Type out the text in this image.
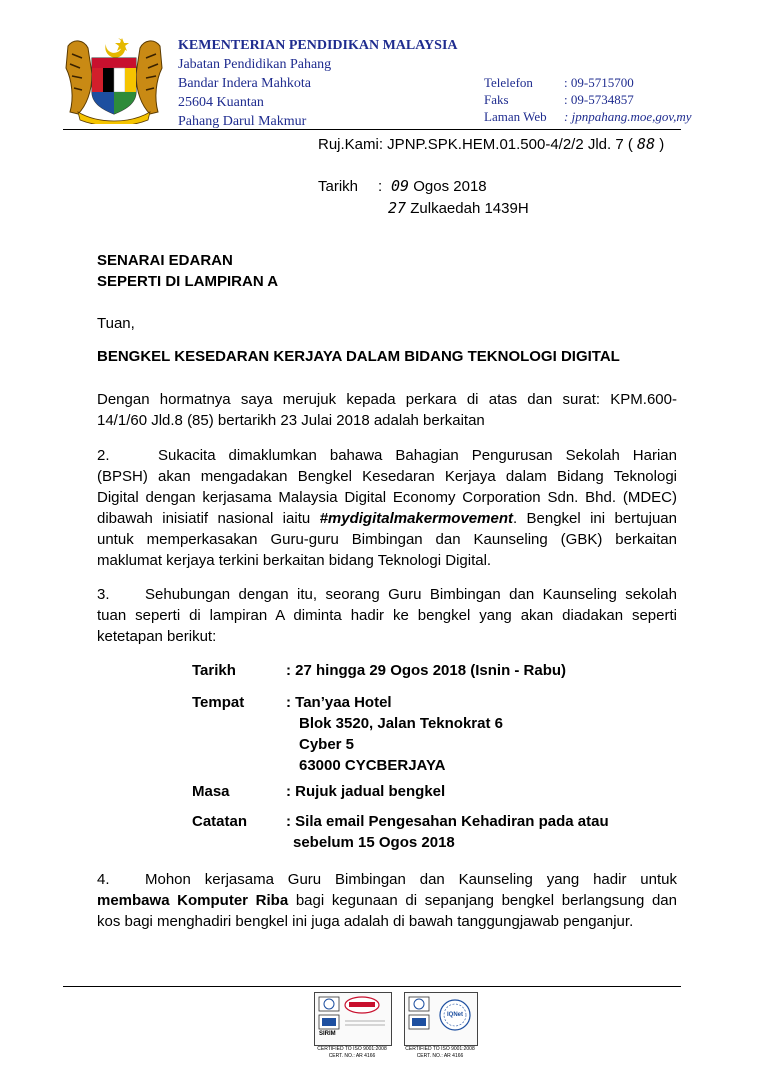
KEMENTERIAN PENDIDIKAN MALAYSIA
Jabatan Pendidikan Pahang
Bandar Indera Mahkota
25604 Kuantan
Pahang Darul Makmur
Telelefon : 09-5715700
Faks	: 09-5734857
Laman Web : jpnpahang.moe,gov,my
Ruj.Kami: JPNP.SPK.HEM.01.500-4/2/2 Jld. 7 ( 88 )
Tarikh : 09 Ogos 2018
27 Zulkaedah 1439H
SENARAI EDARAN
SEPERTI DI LAMPIRAN A
Tuan,
BENGKEL KESEDARAN KERJAYA DALAM BIDANG TEKNOLOGI DIGITAL
Dengan hormatnya saya merujuk kepada perkara di atas dan surat: KPM.600-
14/1/60 Jld.8 (85) bertarikh 23 Julai 2018 adalah berkaitan
2.	Sukacita dimaklumkan bahawa Bahagian Pengurusan Sekolah Harian
(BPSH) akan mengadakan Bengkel Kesedaran Kerjaya dalam Bidang Teknologi
Digital dengan kerjasama Malaysia Digital Economy Corporation Sdn. Bhd. (MDEC)
dibawah inisiatif nasional iaitu #mydigitalmakermovement. Bengkel ini bertujuan
untuk memperkasakan Guru-guru Bimbingan dan Kaunseling (GBK) berkaitan
maklumat kerjaya terkini berkaitan bidang Teknologi Digital.
3.	Sehubungan dengan itu, seorang Guru Bimbingan dan Kaunseling sekolah
tuan seperti di lampiran A diminta hadir ke bengkel yang akan diadakan seperti
ketetapan berikut:
Tarikh	: 27 hingga 29 Ogos 2018 (Isnin - Rabu)
Tempat	: Tan’yaa Hotel
Blok 3520, Jalan Teknokrat 6
Cyber 5
63000 CYCBERJAYA
Masa	: Rujuk jadual bengkel
Catatan	: Sila email Pengesahan Kehadiran pada atau
sebelum 15 Ogos 2018
4.	Mohon kerjasama Guru Bimbingan dan Kaunseling yang hadir untuk
membawa Komputer Riba bagi kegunaan di sepanjang bengkel berlangsung dan
kos bagi menghadiri bengkel ini juga adalah di bawah tanggungjawab penganjur.
SIRIM
CERTIFIED TO ISO 9001:2008
CERT. NO.: AR 4166
IQNet
CERTIFIED TO ISO 9001:2008
CERT. NO.: AR 4166
